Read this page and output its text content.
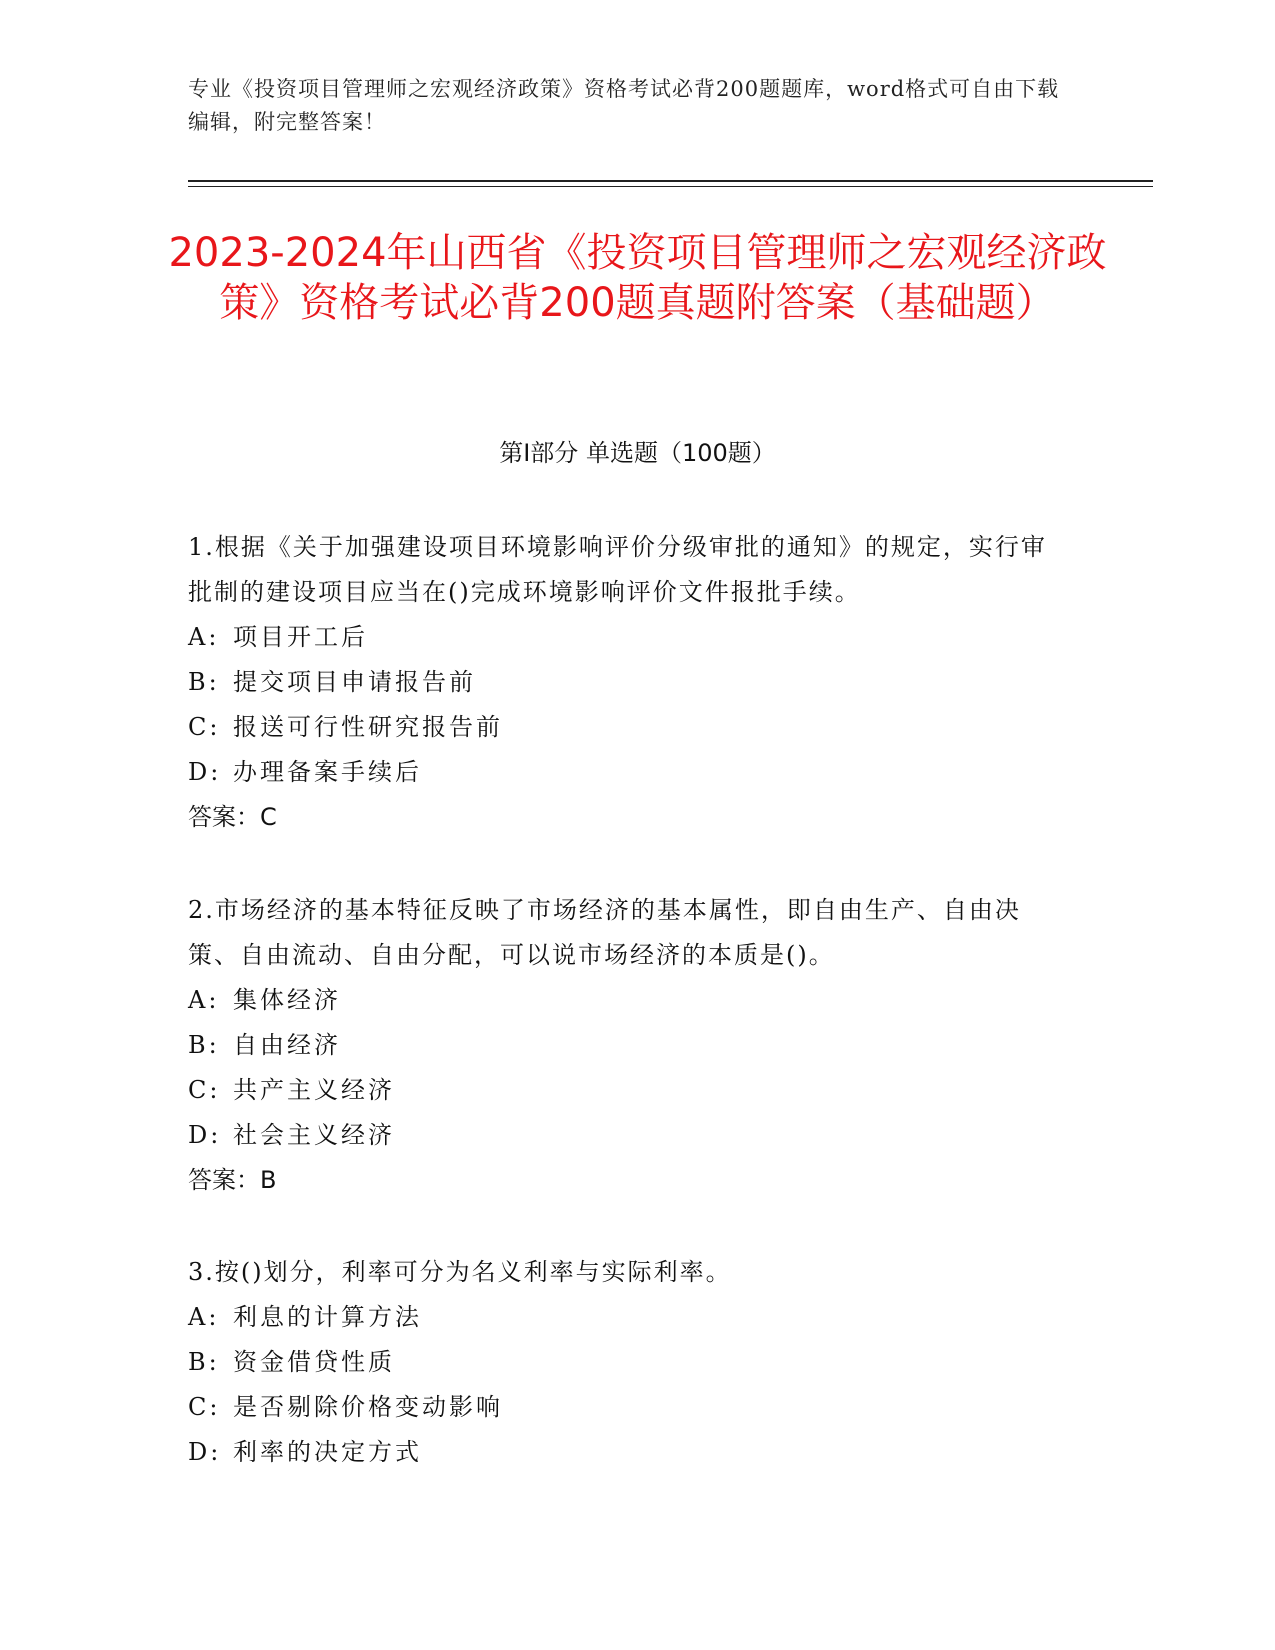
专业《投资项目管理师之宏观经济政策》资格考试必背200题题库，word格式可自由下载编辑，附完整答案！
2023-2024年山西省《投资项目管理师之宏观经济政策》资格考试必背200题真题附答案（基础题）
第I部分 单选题（100题）
1.根据《关于加强建设项目环境影响评价分级审批的通知》的规定，实行审批制的建设项目应当在()完成环境影响评价文件报批手续。
A: 项目开工后
B: 提交项目申请报告前
C: 报送可行性研究报告前
D: 办理备案手续后
答案：C
2.市场经济的基本特征反映了市场经济的基本属性，即自由生产、自由决策、自由流动、自由分配，可以说市场经济的本质是()。
A: 集体经济
B: 自由经济
C: 共产主义经济
D: 社会主义经济
答案：B
3.按()划分，利率可分为名义利率与实际利率。
A: 利息的计算方法
B: 资金借贷性质
C: 是否剔除价格变动影响
D: 利率的决定方式
